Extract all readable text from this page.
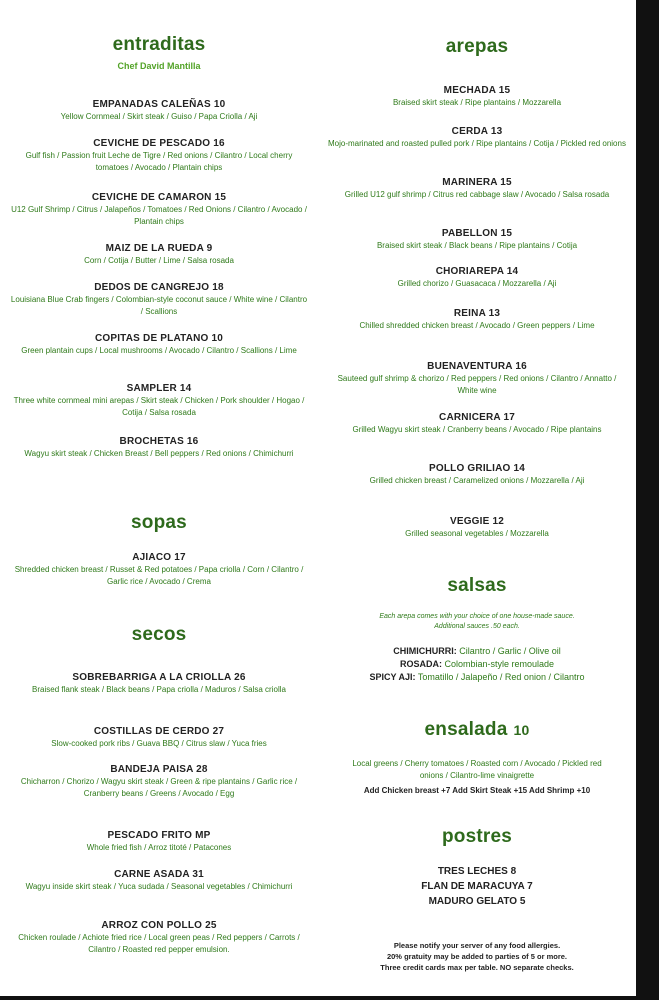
entraditas
Chef David Mantilla
EMPANADAS CALEÑAS 10
Yellow Cornmeal / Skirt steak / Guiso / Papa Criolla / Aji
CEVICHE DE PESCADO 16
Gulf fish / Passion fruit Leche de Tigre / Red onions / Cilantro / Local cherry tomatoes / Avocado / Plantain chips
CEVICHE DE CAMARON 15
U12 Gulf Shrimp / Citrus / Jalapeños / Tomatoes / Red Onions / Cilantro / Avocado / Plantain chips
MAIZ DE LA RUEDA 9
Corn / Cotija / Butter / Lime / Salsa rosada
DEDOS DE CANGREJO 18
Louisiana Blue Crab fingers / Colombian-style coconut sauce / White wine / Cilantro / Scallions
COPITAS DE PLATANO 10
Green plantain cups / Local mushrooms / Avocado / Cilantro / Scallions / Lime
SAMPLER 14
Three white cornmeal mini arepas / Skirt steak / Chicken / Pork shoulder / Hogao / Cotija / Salsa rosada
BROCHETAS 16
Wagyu skirt steak / Chicken Breast / Bell peppers / Red onions / Chimichurri
sopas
AJIACO 17
Shredded chicken breast / Russet & Red potatoes / Papa criolla / Corn / Cilantro / Garlic rice / Avocado / Crema
secos
SOBREBARRIGA A LA CRIOLLA 26
Braised flank steak / Black beans / Papa criolla / Maduros / Salsa criolla
COSTILLAS DE CERDO 27
Slow-cooked pork ribs / Guava BBQ / Citrus slaw / Yuca fries
BANDEJA PAISA 28
Chicharron / Chorizo / Wagyu skirt steak / Green & ripe plantains / Garlic rice / Cranberry beans / Greens / Avocado / Egg
PESCADO FRITO MP
Whole fried fish / Arroz titoté / Patacones
CARNE ASADA 31
Wagyu inside skirt steak / Yuca sudada / Seasonal vegetables / Chimichurri
ARROZ CON POLLO 25
Chicken roulade / Achiote fried rice / Local green peas / Red peppers / Carrots / Cilantro / Roasted red pepper emulsion.
arepas
MECHADA 15
Braised skirt steak / Ripe plantains / Mozzarella
CERDA 13
Mojo-marinated and roasted pulled pork / Ripe plantains / Cotija / Pickled red onions
MARINERA 15
Grilled U12 gulf shrimp / Citrus red cabbage slaw / Avocado / Salsa rosada
PABELLON 15
Braised skirt steak / Black beans / Ripe plantains / Cotija
CHORIAREPA 14
Grilled chorizo / Guasacaca / Mozzarella / Aji
REINA 13
Chilled shredded chicken breast / Avocado / Green peppers / Lime
BUENAVENTURA 16
Sauteed gulf shrimp & chorizo / Red peppers / Red onions / Cilantro / Annatto / White wine
CARNICERA 17
Grilled Wagyu skirt steak / Cranberry beans / Avocado / Ripe plantains
POLLO GRILIAO 14
Grilled chicken breast / Caramelized onions / Mozzarella / Aji
VEGGIE 12
Grilled seasonal vegetables / Mozzarella
salsas
Each arepa comes with your choice of one house-made sauce.
Additional sauces .50 each.
CHIMICHURRI: Cilantro / Garlic / Olive oil
ROSADA: Colombian-style remoulade
SPICY AJI: Tomatillo / Jalapeño / Red onion / Cilantro
ensalada 10
Local greens / Cherry tomatoes / Roasted corn / Avocado / Pickled red onions / Cilantro-lime vinaigrette
Add Chicken breast +7 Add Skirt Steak +15 Add Shrimp +10
postres
TRES LECHES 8
FLAN DE MARACUYA 7
MADURO GELATO 5
Please notify your server of any food allergies.
20% gratuity may be added to parties of 5 or more.
Three credit cards max per table. NO separate checks.
